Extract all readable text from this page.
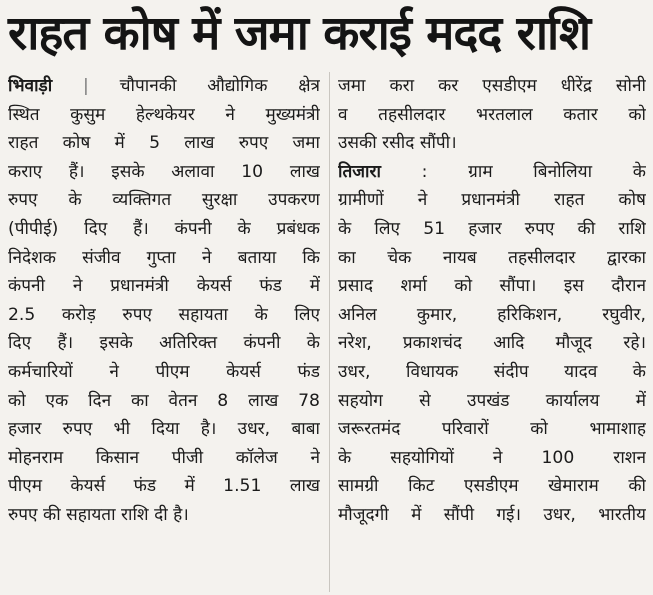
राहत कोष में जमा कराई मदद राशि
भिवाड़ी | चौपानकी औद्योगिक क्षेत्र
स्थित कुसुम हेल्थकेयर ने मुख्यमंत्री
राहत कोष में 5 लाख रुपए जमा
कराए हैं। इसके अलावा 10 लाख
रुपए के व्यक्तिगत सुरक्षा उपकरण
(पीपीई) दिए हैं। कंपनी के प्रबंधक
निदेशक संजीव गुप्ता ने बताया कि
कंपनी ने प्रधानमंत्री केयर्स फंड में
2.5 करोड़ रुपए सहायता के लिए
दिए हैं। इसके अतिरिक्त कंपनी के
कर्मचारियों ने पीएम केयर्स फंड
को एक दिन का वेतन 8 लाख 78
हजार रुपए भी दिया है। उधर, बाबा
मोहनराम किसान पीजी कॉलेज ने
पीएम केयर्स फंड में 1.51 लाख
रुपए की सहायता राशि दी है।
जमा करा कर एसडीएम धीरेंद्र सोनी
व तहसीलदार भरतलाल कतार को
उसकी रसीद सौंपी।
तिजारा : ग्राम बिनोलिया के
ग्रामीणों ने प्रधानमंत्री राहत कोष
के लिए 51 हजार रुपए की राशि
का चेक नायब तहसीलदार द्वारका
प्रसाद शर्मा को सौंपा। इस दौरान
अनिल कुमार, हरिकिशन, रघुवीर,
नरेश, प्रकाशचंद आदि मौजूद रहे।
उधर, विधायक संदीप यादव के
सहयोग से उपखंड कार्यालय में
जरूरतमंद परिवारों को भामाशाह
के सहयोगियों ने 100 राशन
सामग्री किट एसडीएम खेमाराम की
मौजूदगी में सौंपी गई। उधर, भारतीय
